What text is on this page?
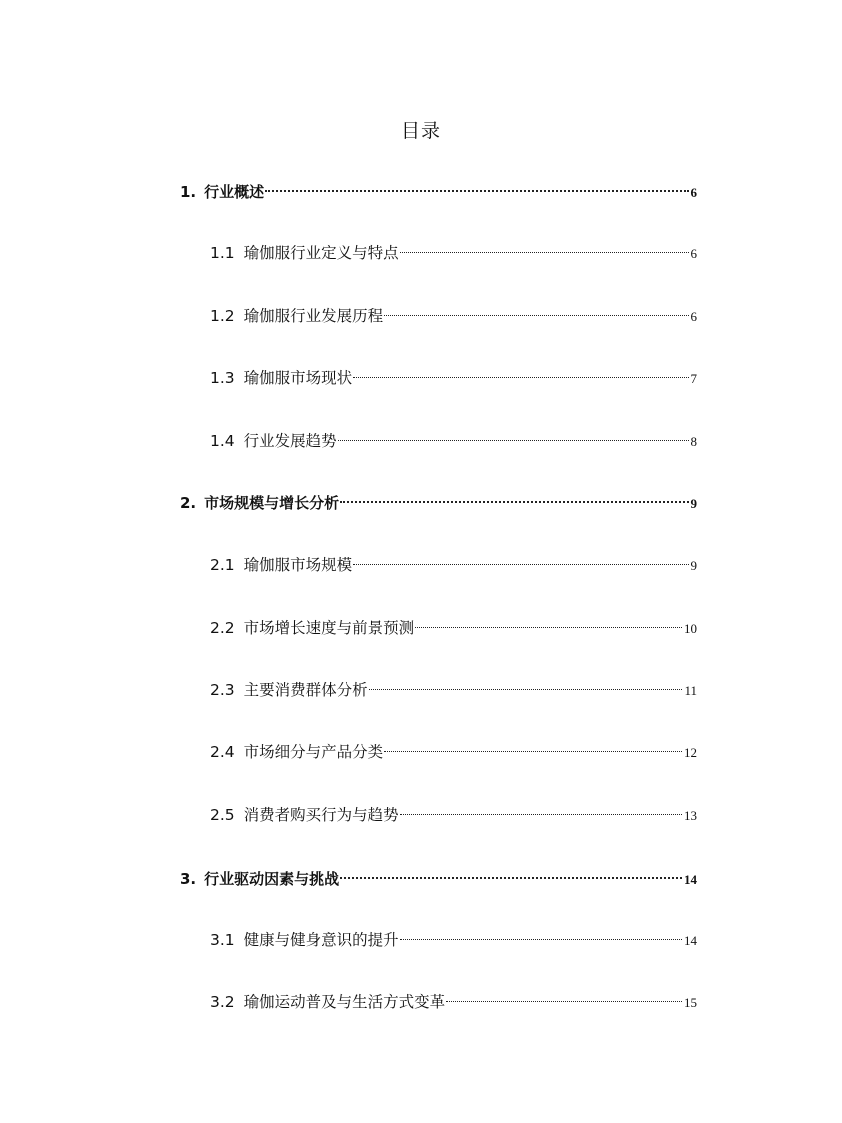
目录
1. 行业概述	6
1.1 瑜伽服行业定义与特点	6
1.2 瑜伽服行业发展历程	6
1.3 瑜伽服市场现状	7
1.4 行业发展趋势	8
2. 市场规模与增长分析	9
2.1 瑜伽服市场规模	9
2.2 市场增长速度与前景预测	10
2.3 主要消费群体分析	11
2.4 市场细分与产品分类	12
2.5 消费者购买行为与趋势	13
3. 行业驱动因素与挑战	14
3.1 健康与健身意识的提升	14
3.2 瑜伽运动普及与生活方式变革	15
